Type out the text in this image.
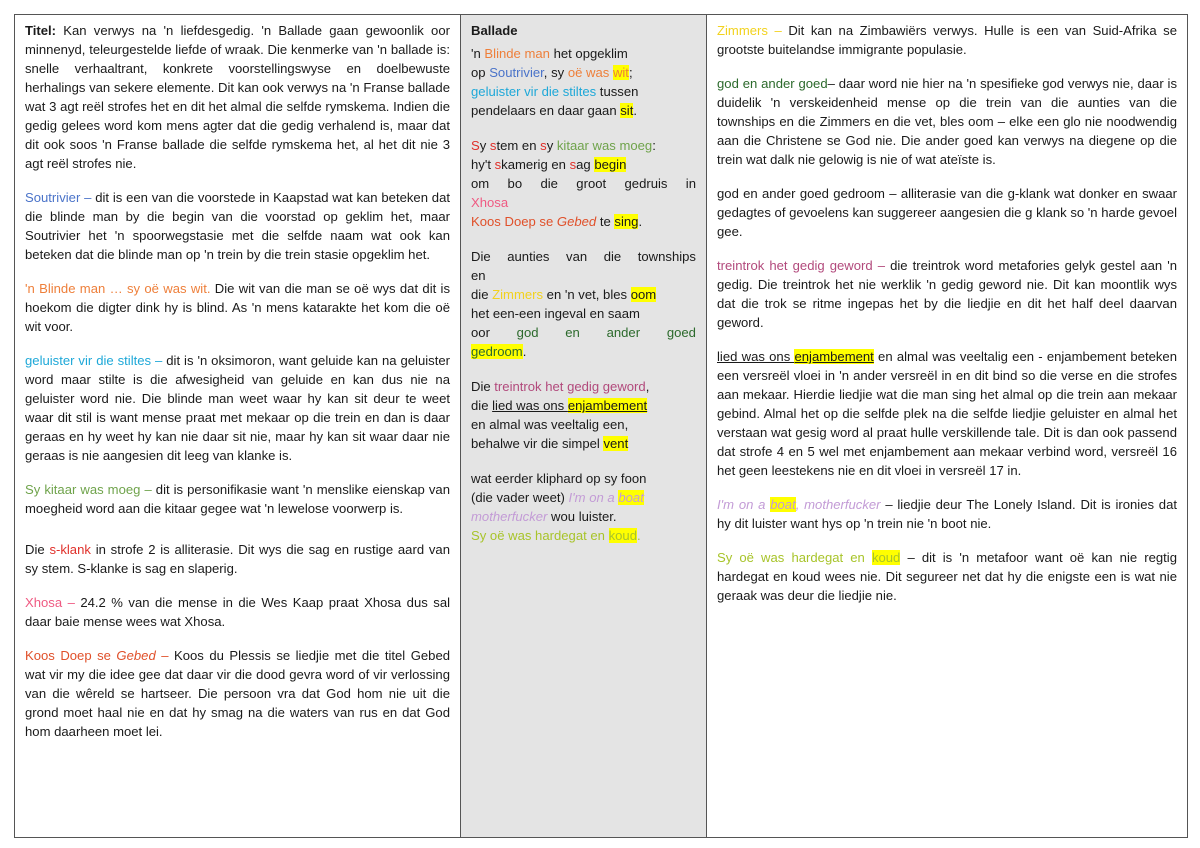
Titel: Kan verwys na 'n liefdesgedig. 'n Ballade gaan gewoonlik oor minnenyd, teleurgestelde liefde of wraak. Die kenmerke van 'n ballade is: snelle verhaaltrant, konkrete voorstellingswyse en doelbewuste herhalings van sekere elemente. Dit kan ook verwys na 'n Franse ballade wat 3 agt reël strofes het en dit het almal die selfde rymskema. Indien die gedig gelees word kom mens agter dat die gedig verhalend is, maar dat dit ook soos 'n Franse ballade die selfde rymskema het, al het dit nie 3 agt reël strofes nie.

Soutrivier – dit is een van die voorstede in Kaapstad wat kan beteken dat die blinde man by die begin van die voorstad op geklim het, maar Soutrivier het 'n spoorwegstasie met die selfde naam wat ook kan beteken dat die blinde man op 'n trein by die trein stasie opgeklim het.

'n Blinde man … sy oë was wit. Die wit van die man se oë wys dat dit is hoekom die digter dink hy is blind. As 'n mens katarakte het kom die oë wit voor.

geluister vir die stiltes – dit is 'n oksimoron, want geluide kan na geluister word maar stilte is die afwesigheid van geluide en kan dus nie na geluister word nie. Die blinde man weet waar hy kan sit deur te weet waar dit stil is want mense praat met mekaar op die trein en dan is daar geraas en hy weet hy kan nie daar sit nie, maar hy kan sit waar daar nie geraas is nie aangesien dit leeg van klanke is.

Sy kitaar was moeg – dit is personifikasie want 'n menslike eienskap van moegheid word aan die kitaar gegee wat 'n lewelose voorwerp is.

Die s-klank in strofe 2 is alliterasie. Dit wys die sag en rustige aard van sy stem. S-klanke is sag en slaperig.

Xhosa – 24.2 % van die mense in die Wes Kaap praat Xhosa dus sal daar baie mense wees wat Xhosa.

Koos Doep se Gebed – Koos du Plessis se liedjie met die titel Gebed wat vir my die idee gee dat daar vir die dood gevra word of vir verlossing van die wêreld se hartseer. Die persoon vra dat God hom nie uit die grond moet haal nie en dat hy smag na die waters van rus en dat God hom daarheen moet lei.

Ballade

'n Blinde man het opgeklim
op Soutrivier, sy oë was wit;
geluister vir die stiltes tussen
pendelaars en daar gaan sit.

Sy stem en sy kitaar was moeg:
hy't skamerig en sag begin
om bo die groot gedruis in
Xhosa
Koos Doep se Gebed te sing.

Die aunties van die townships
en
die Zimmers en 'n vet, bles oom
het een-een ingeval en saam
oor god en ander goed
gedroom.

Die treintrok het gedig geword,
die lied was ons enjambement
en almal was veeltalig een,
behalwe vir die simpel vent

wat eerder kliphard op sy foon
(die vader weet) I'm on a boat
motherfucker wou luister.
Sy oë was hardegat en koud.

Zimmers – Dit kan na Zimbawiërs verwys. Hulle is een van Suid-Afrika se grootste buitelandse immigrante populasie.

god en ander goed– daar word nie hier na 'n spesifieke god verwys nie, daar is duidelik 'n verskeidenheid mense op die trein van die aunties van die townships en die Zimmers en die vet, bles oom – elke een glo nie noodwendig aan die Christene se God nie. Die ander goed kan verwys na diegene op die trein wat dalk nie gelowig is nie of wat ateïste is.

god en ander goed gedroom – alliterasie van die g-klank wat donker en swaar gedagtes of gevoelens kan suggereer aangesien die g klank so 'n harde gevoel gee.

treintrok het gedig geword – die treintrok word metafories gelyk gestel aan 'n gedig. Die treintrok het nie werklik 'n gedig geword nie. Dit kan moontlik wys dat die trok se ritme ingepas het by die liedjie en dit het half deel daarvan geword.

lied was ons enjambement en almal was veeltalig een - enjambement beteken een versreël vloei in 'n ander versreël in en dit bind so die verse en die strofes aan mekaar. Hierdie liedjie wat die man sing het almal op die trein aan mekaar gebind. Almal het op die selfde plek na die selfde liedjie geluister en almal het verstaan wat gesig word al praat hulle verskillende tale. Dit is dan ook passend dat strofe 4 en 5 wel met enjambement aan mekaar verbind word, versreël 16 het geen leestekens nie en dit vloei in versreël 17 in.

I'm on a boat, motherfucker – liedjie deur The Lonely Island. Dit is ironies dat hy dit luister want hys op 'n trein nie 'n boot nie.

Sy oë was hardegat en koud – dit is 'n metafoor want oë kan nie regtig hardegat en koud wees nie. Dit segureer net dat hy die enigste een is wat nie geraak was deur die liedjie nie.
